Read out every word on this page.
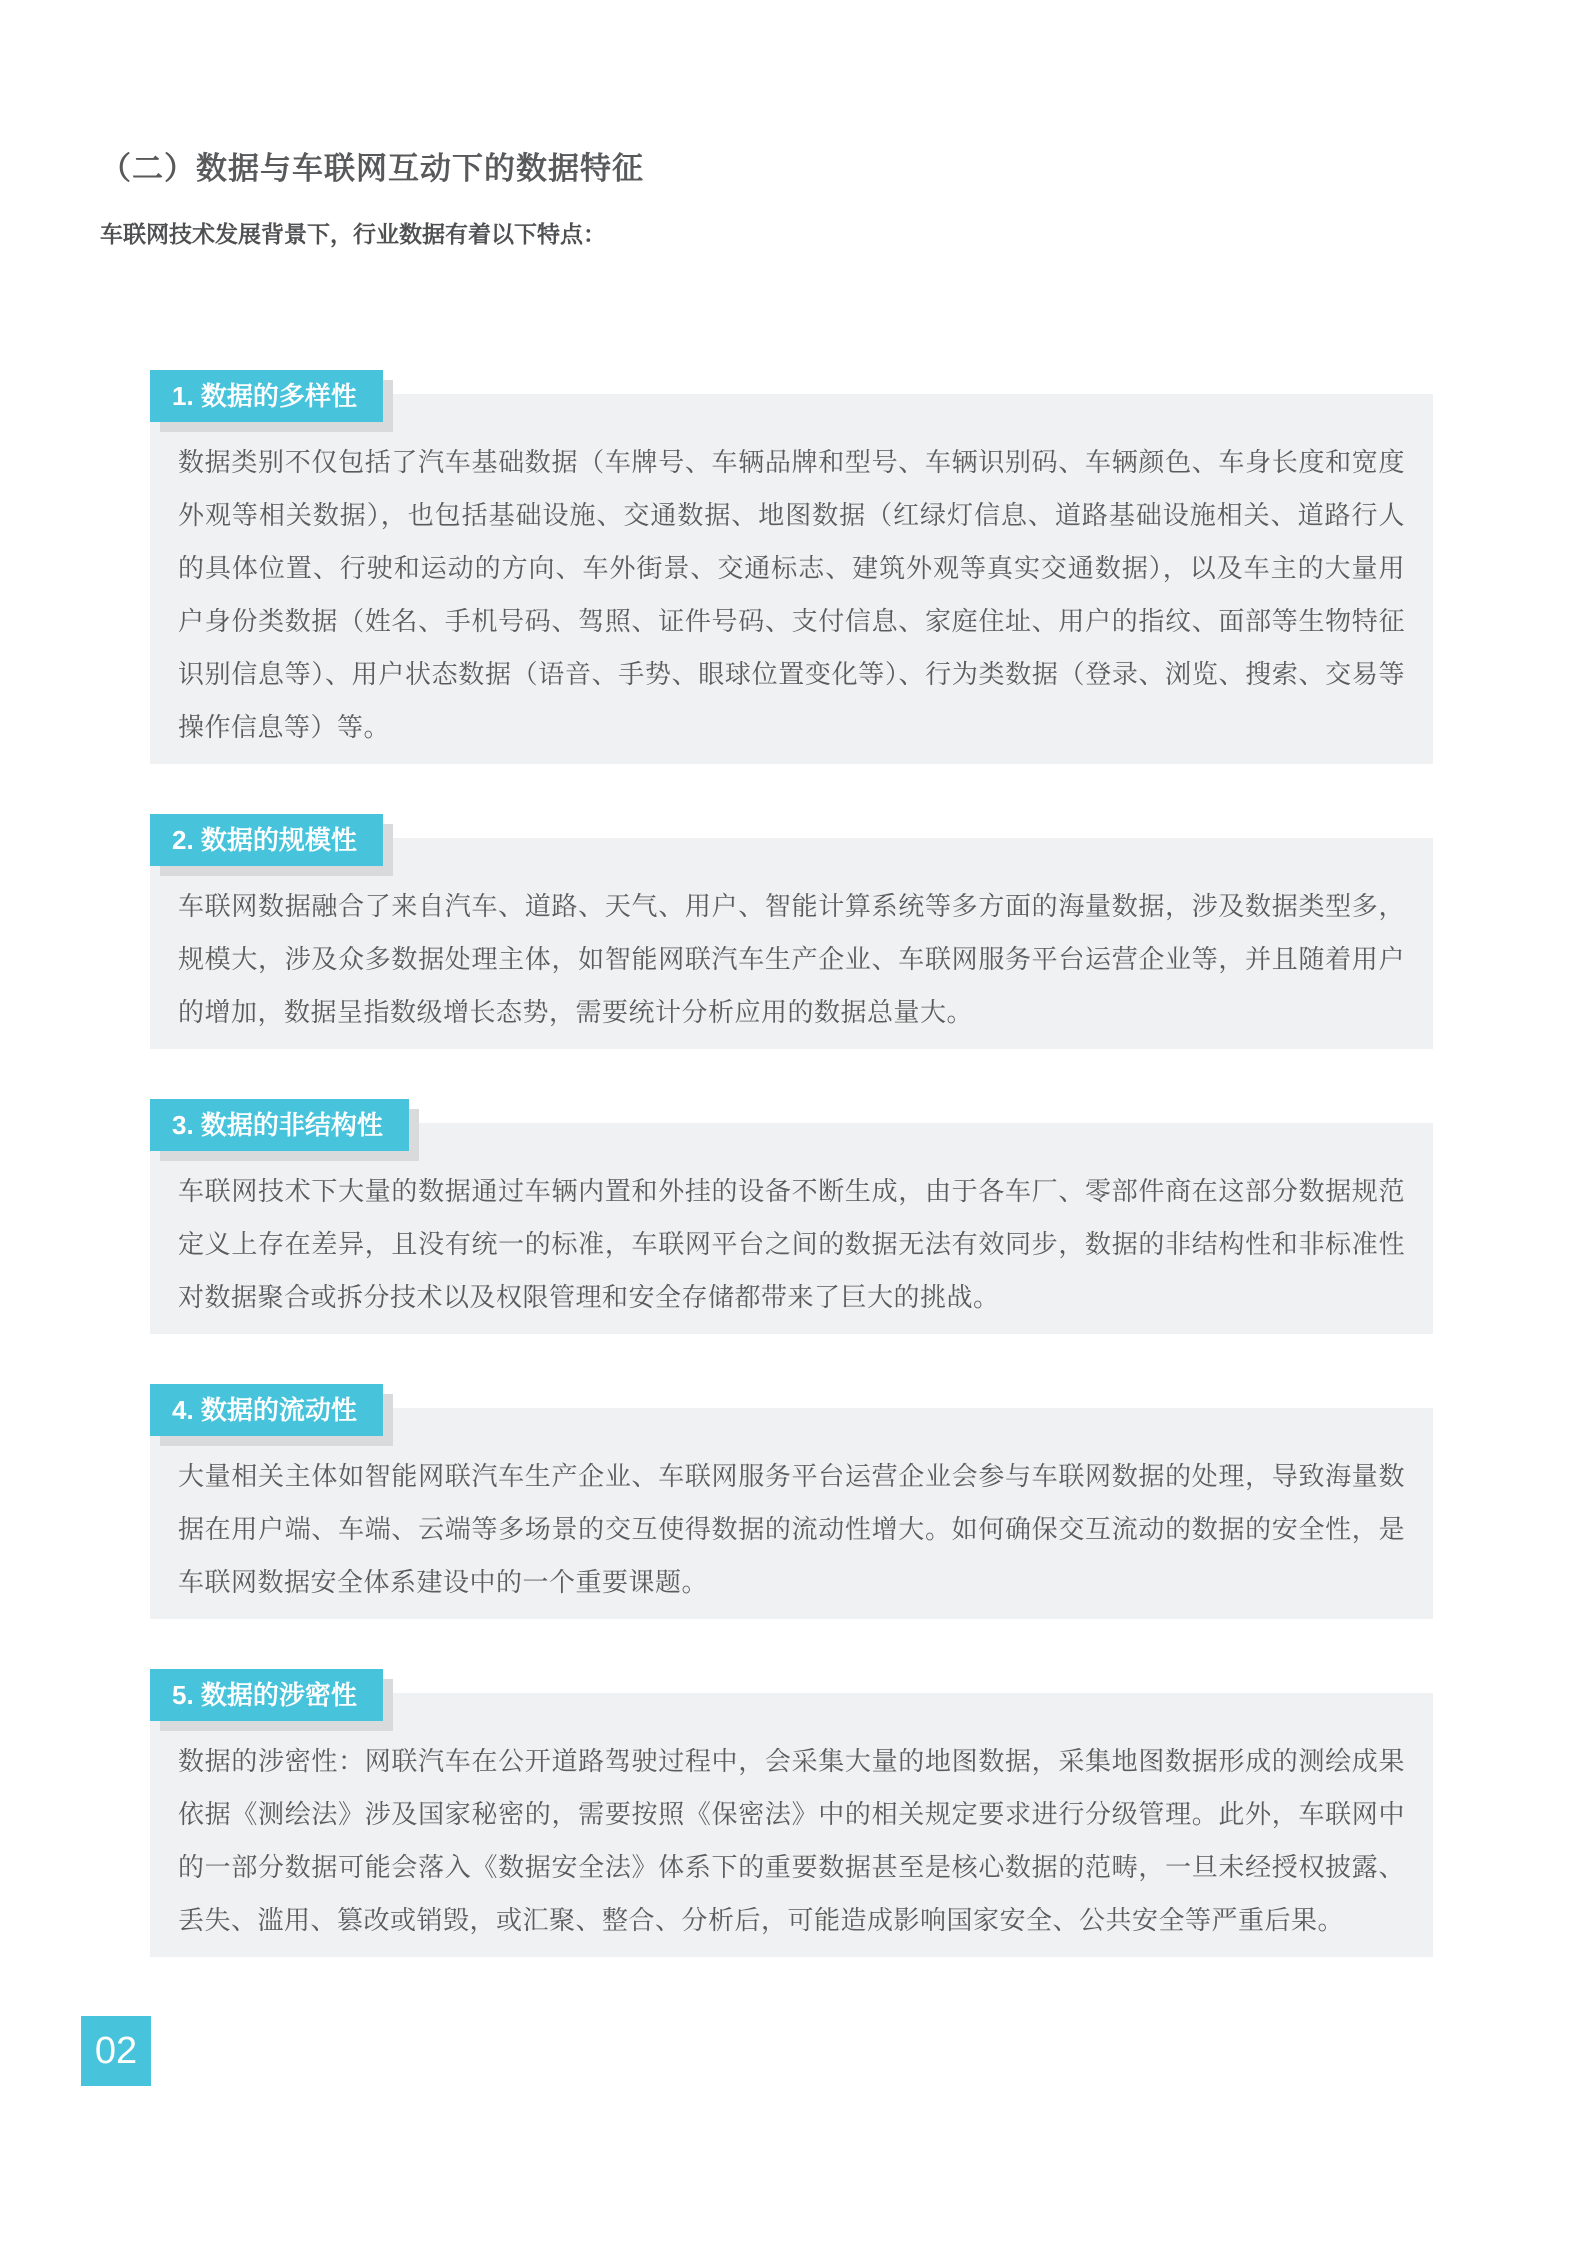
（二）数据与车联网互动下的数据特征
车联网技术发展背景下，行业数据有着以下特点：
1. 数据的多样性

数据类别不仅包括了汽车基础数据（车牌号、车辆品牌和型号、车辆识别码、车辆颜色、车身长度和宽度外观等相关数据），也包括基础设施、交通数据、地图数据（红绿灯信息、道路基础设施相关、道路行人的具体位置、行驶和运动的方向、车外街景、交通标志、建筑外观等真实交通数据），以及车主的大量用户身份类数据（姓名、手机号码、驾照、证件号码、支付信息、家庭住址、用户的指纹、面部等生物特征识别信息等）、用户状态数据（语音、手势、眼球位置变化等）、行为类数据（登录、浏览、搜索、交易等操作信息等）等。

2. 数据的规模性

车联网数据融合了来自汽车、道路、天气、用户、智能计算系统等多方面的海量数据，涉及数据类型多，规模大，涉及众多数据处理主体，如智能网联汽车生产企业、车联网服务平台运营企业等，并且随着用户的增加，数据呈指数级增长态势，需要统计分析应用的数据总量大。

3. 数据的非结构性

车联网技术下大量的数据通过车辆内置和外挂的设备不断生成，由于各车厂、零部件商在这部分数据规范定义上存在差异，且没有统一的标准，车联网平台之间的数据无法有效同步，数据的非结构性和非标准性对数据聚合或拆分技术以及权限管理和安全存储都带来了巨大的挑战。

4. 数据的流动性

大量相关主体如智能网联汽车生产企业、车联网服务平台运营企业会参与车联网数据的处理，导致海量数据在用户端、车端、云端等多场景的交互使得数据的流动性增大。如何确保交互流动的数据的安全性，是车联网数据安全体系建设中的一个重要课题。

5. 数据的涉密性

数据的涉密性：网联汽车在公开道路驾驶过程中，会采集大量的地图数据，采集地图数据形成的测绘成果依据《测绘法》涉及国家秘密的，需要按照《保密法》中的相关规定要求进行分级管理。此外，车联网中的一部分数据可能会落入《数据安全法》体系下的重要数据甚至是核心数据的范畴，一旦未经授权披露、丢失、滥用、篡改或销毁，或汇聚、整合、分析后，可能造成影响国家安全、公共安全等严重后果。

02
